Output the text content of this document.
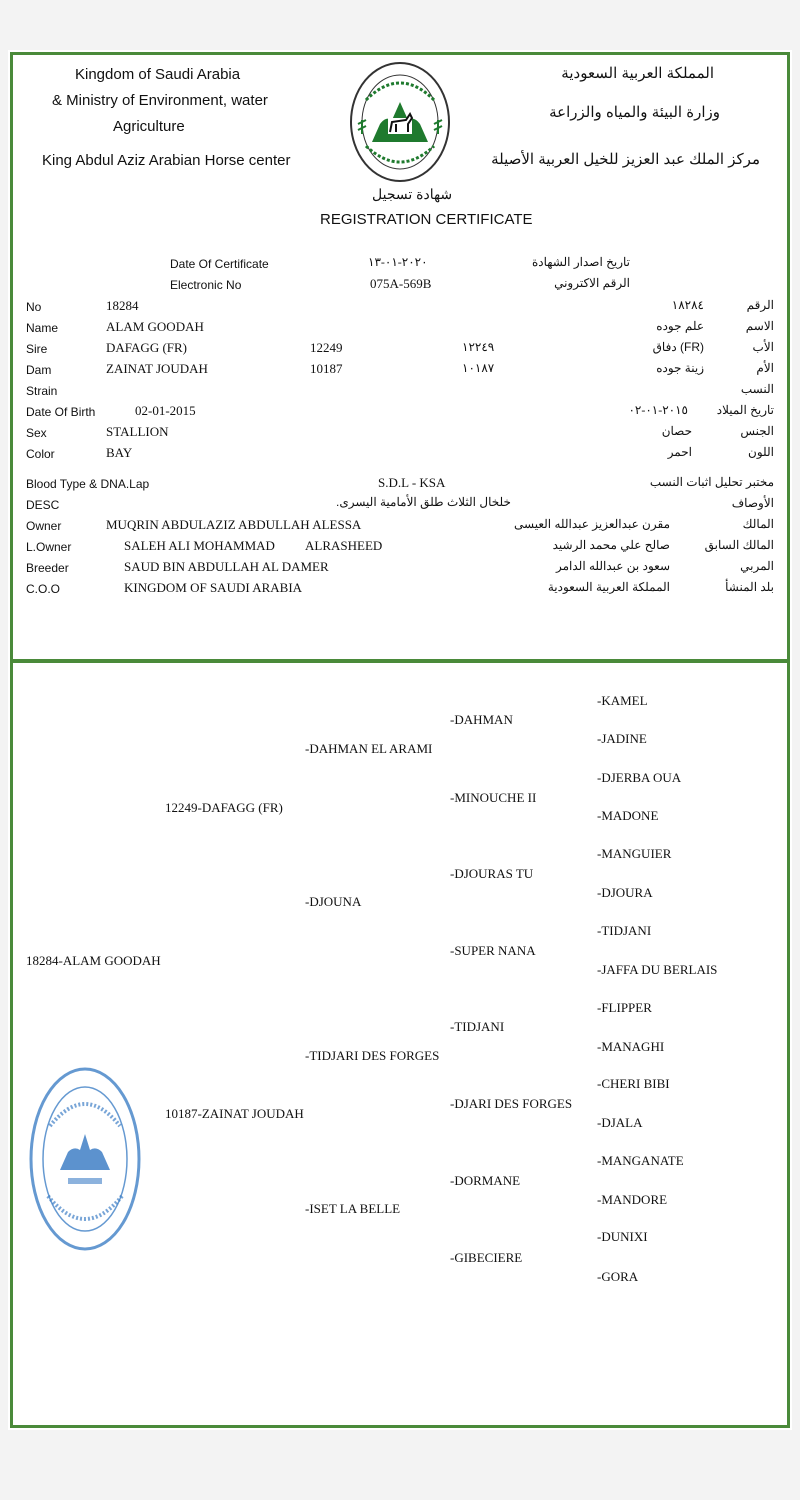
Kingdom of Saudi Arabia
& Ministry of Environment, water
Agriculture
King Abdul Aziz Arabian Horse center
المملكة العربية السعودية
وزارة البيئة والمياه والزراعة
مركز الملك عبد العزيز للخيل العربية الأصيلة
شهادة تسجيل
REGISTRATION CERTIFICATE
Date Of Certificate	٢٠٢٠-٠١-١٣	تاريخ اصدار الشهادة
Electronic No	075A-569B	الرقم الاكتروني
No	18284	١٨٢٨٤	الرقم
Name	ALAM GOODAH	علم جوده	الاسم
Sire	DAFAGG (FR)	12249	١٢٢٤٩	(FR) دفاق	الأب
Dam	ZAINAT JOUDAH	10187	١٠١٨٧	زينة جوده	الأم
Strain	النسب
Date Of Birth	02-01-2015	٢٠١٥-٠١-٠٢ تاريخ الميلاد
Sex	STALLION	حصان	الجنس
Color	BAY	احمر	اللون
Blood Type & DNA.Lap	S.D.L - KSA	مختبر تحليل اثبات النسب
DESC	خلخال الثلاث طلق الأمامية اليسرى.	الأوصاف
Owner	MUQRIN ABDULAZIZ ABDULLAH ALESSA	مقرن عبدالعزيز عبدالله العيسى	المالك
L.Owner	SALEH ALI MOHAMMAD ALRASHEED	صالح علي محمد الرشيد	المالك السابق
Breeder	SAUD BIN ABDULLAH AL DAMER	سعود بن عبدالله الدامر	المربي
C.O.O	KINGDOM OF SAUDI ARABIA	المملكة العربية السعودية	بلد المنشأ
18284-ALAM GOODAH
12249-DAFAGG (FR)
10187-ZAINAT JOUDAH
-DAHMAN EL ARAMI
-DJOUNA
-TIDJARI DES FORGES
-ISET LA BELLE
-DAHMAN
-MINOUCHE II
-DJOURAS TU
-SUPER NANA
-TIDJANI
-DJARI DES FORGES
-DORMANE
-GIBECIERE
-KAMEL
-JADINE
-DJERBA OUA
-MADONE
-MANGUIER
-DJOURA
-TIDJANI
-JAFFA DU BERLAIS
-FLIPPER
-MANAGHI
-CHERI BIBI
-DJALA
-MANGANATE
-MANDORE
-DUNIXI
-GORA
